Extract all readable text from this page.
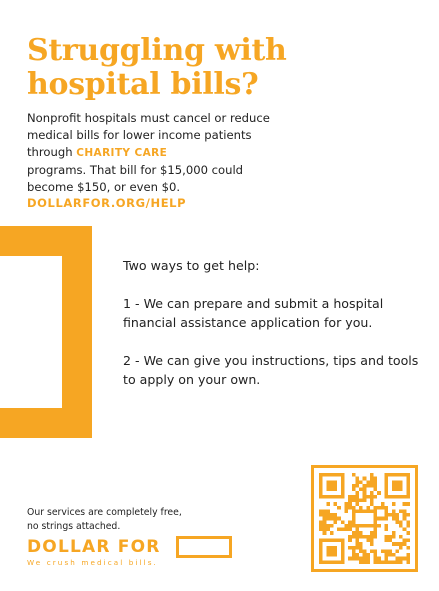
Struggling with
hospital bills?

Nonprofit hospitals must cancel or reduce medical bills for lower income patients through CHARITY CARE
programs. That bill for $15,000 could become $150, or even $0.

DOLLARFOR.ORG/HELP

Two ways to get help:

1 - We can prepare and submit a hospital financial assistance application for you.

2 - We can give you instructions, tips and tools to apply on your own.

Our services are completely free,
no strings attached.
DOLLAR FOR
We crush medical bills.
